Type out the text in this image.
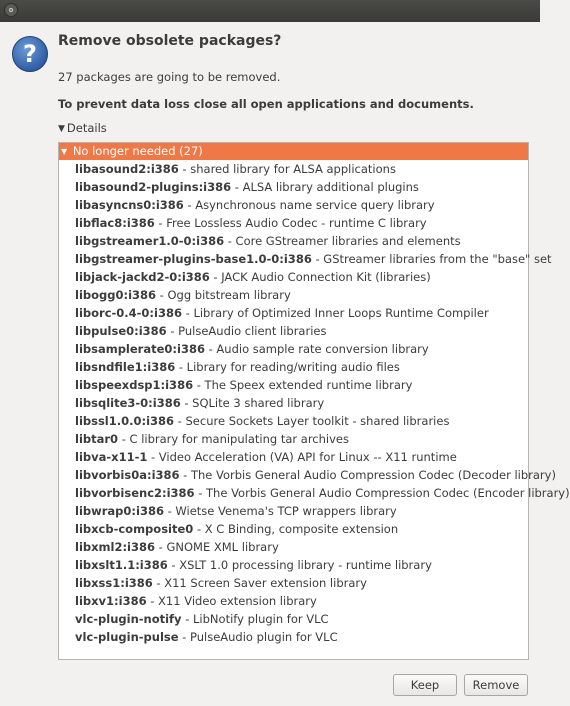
?	Remove obsolete packages?
27 packages are going to be removed.
To prevent data loss close all open applications and documents.
▼ Details
▼ No longer needed (27)
libasound2:i386 - shared library for ALSA applications
libasound2-plugins:i386 - ALSA library additional plugins
libasyncns0:i386 - Asynchronous name service query library
libflac8:i386 - Free Lossless Audio Codec - runtime C library
libgstreamer1.0-0:i386 - Core GStreamer libraries and elements
libgstreamer-plugins-base1.0-0:i386 - GStreamer libraries from the "base" set
libjack-jackd2-0:i386 - JACK Audio Connection Kit (libraries)
libogg0:i386 - Ogg bitstream library
liborc-0.4-0:i386 - Library of Optimized Inner Loops Runtime Compiler
libpulse0:i386 - PulseAudio client libraries
libsamplerate0:i386 - Audio sample rate conversion library
libsndfile1:i386 - Library for reading/writing audio files
libspeexdsp1:i386 - The Speex extended runtime library
libsqlite3-0:i386 - SQLite 3 shared library
libssl1.0.0:i386 - Secure Sockets Layer toolkit - shared libraries
libtar0 - C library for manipulating tar archives
libva-x11-1 - Video Acceleration (VA) API for Linux -- X11 runtime
libvorbis0a:i386 - The Vorbis General Audio Compression Codec (Decoder library)
libvorbisenc2:i386 - The Vorbis General Audio Compression Codec (Encoder library)
libwrap0:i386 - Wietse Venema's TCP wrappers library
libxcb-composite0 - X C Binding, composite extension
libxml2:i386 - GNOME XML library
libxslt1.1:i386 - XSLT 1.0 processing library - runtime library
libxss1:i386 - X11 Screen Saver extension library
libxv1:i386 - X11 Video extension library
vlc-plugin-notify - LibNotify plugin for VLC
vlc-plugin-pulse - PulseAudio plugin for VLC
Keep	Remove
